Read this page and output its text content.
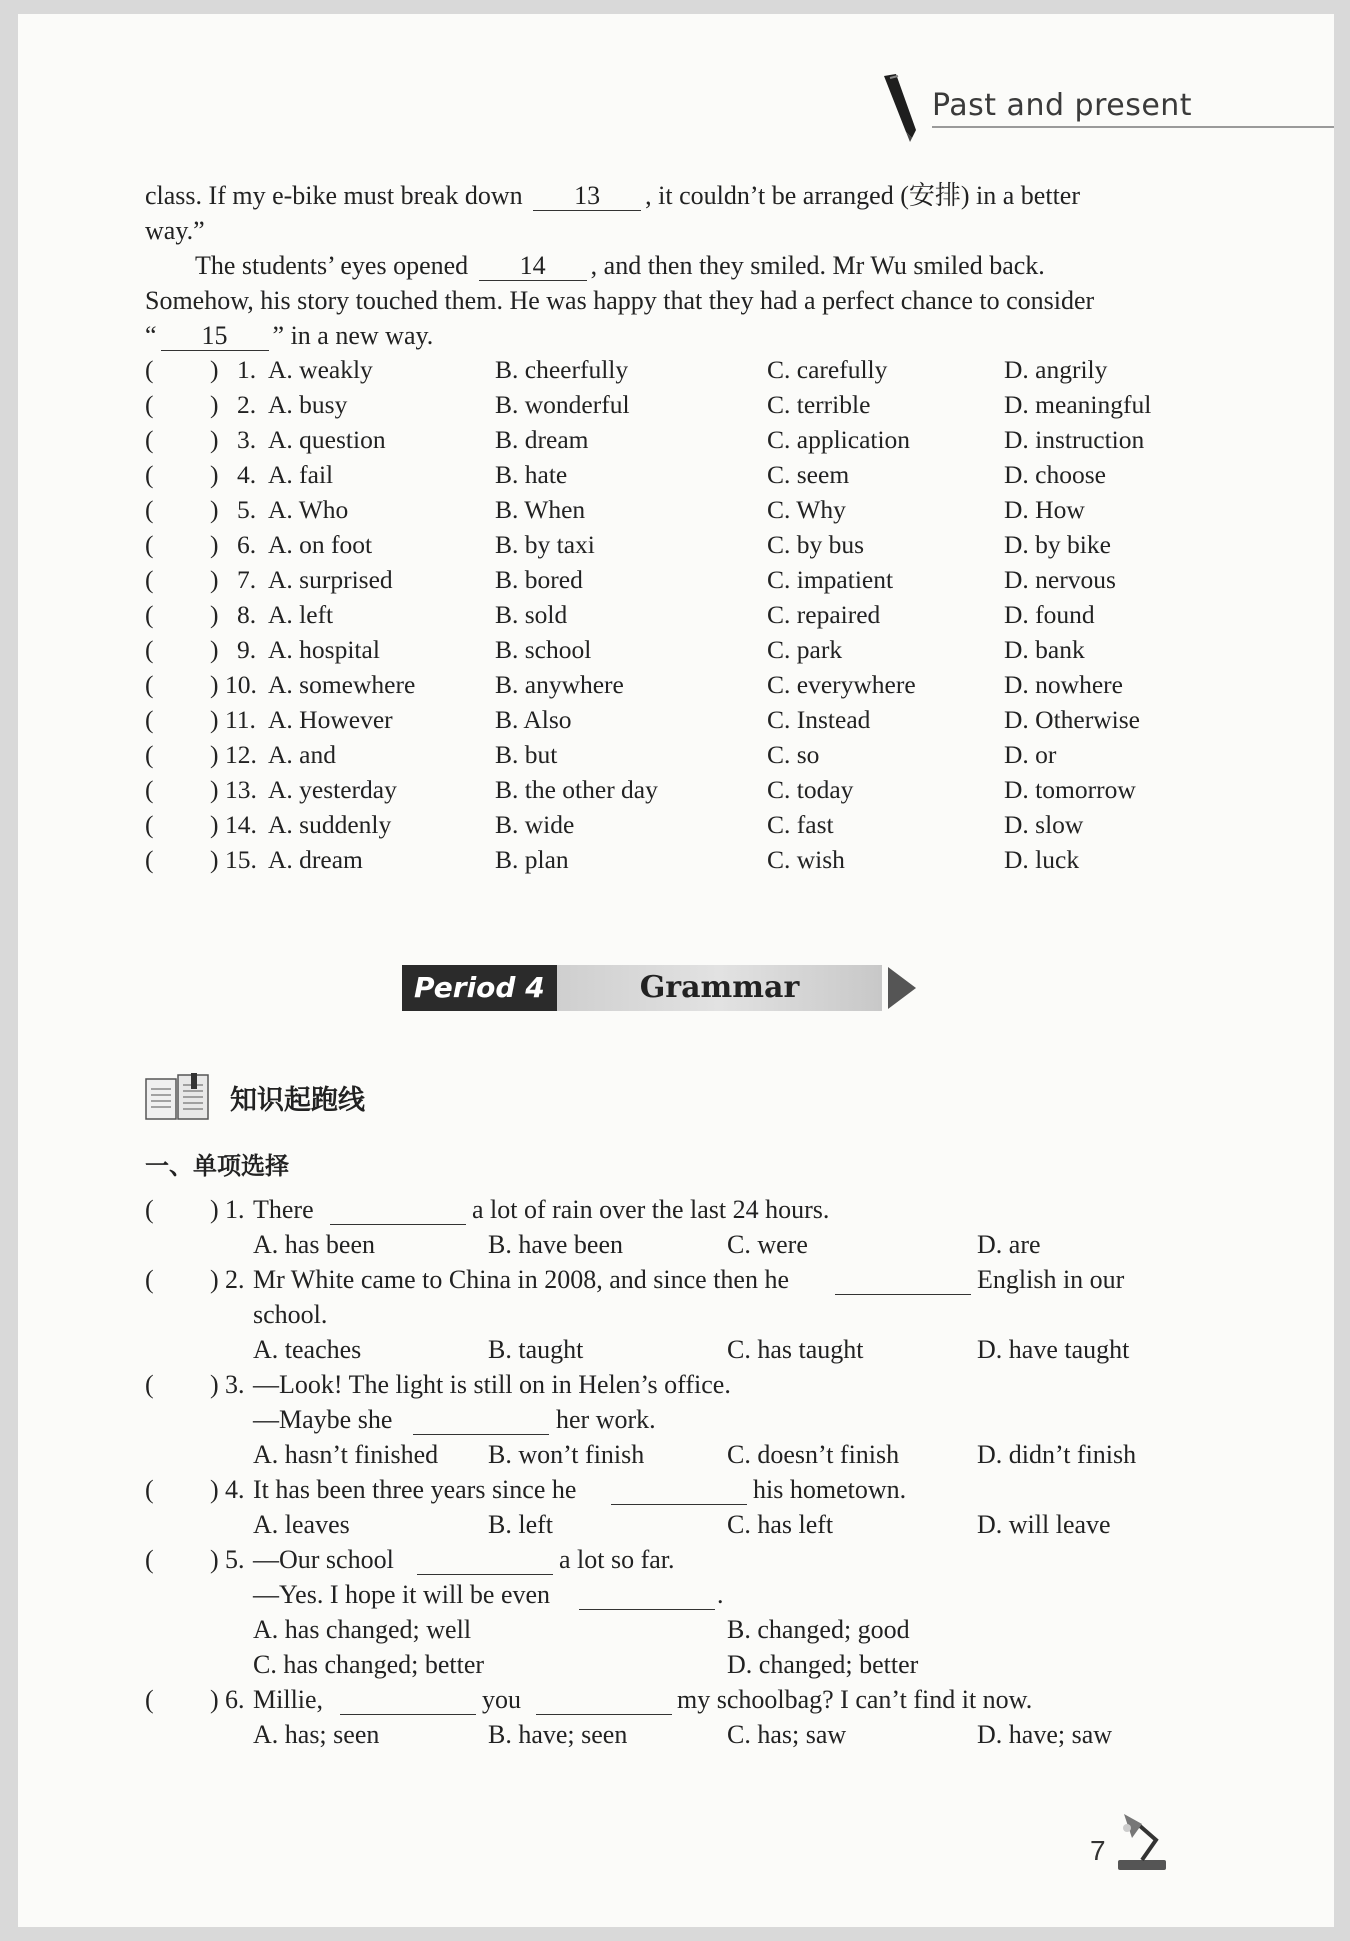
Past and present
class. If my e-bike must break down 13 , it couldn’t be arranged (安排) in a better
way.”
The students’ eyes opened 14 , and then they smiled. Mr Wu smiled back.
Somehow, his story touched them. He was happy that they had a perfect chance to consider
“ 15 ” in a new way.
( ) 1. A. weakly	B. cheerfully	C. carefully	D. angrily
( ) 2. A. busy	B. wonderful	C. terrible	D. meaningful
( ) 3. A. question	B. dream	C. application	D. instruction
( ) 4. A. fail	B. hate	C. seem	D. choose
( ) 5. A. Who	B. When	C. Why	D. How
( ) 6. A. on foot	B. by taxi	C. by bus	D. by bike
( ) 7. A. surprised	B. bored	C. impatient	D. nervous
( ) 8. A. left	B. sold	C. repaired	D. found
( ) 9. A. hospital	B. school	C. park	D. bank
( ) 10. A. somewhere	B. anywhere	C. everywhere	D. nowhere
( ) 11. A. However	B. Also	C. Instead	D. Otherwise
( ) 12. A. and	B. but	C. so	D. or
( ) 13. A. yesterday	B. the other day	C. today	D. tomorrow
( ) 14. A. suddenly	B. wide	C. fast	D. slow
( ) 15. A. dream	B. plan	C. wish	D. luck
Period 4	Grammar
知识起跑线
一、单项选择
( ) 1. There
	a lot of rain over the last 24 hours.
A. has been	B. have been	C. were	D. are
( ) 2. Mr White came to China in 2008, and since then he
	English in our
school.
A. teaches	B. taught	C. has taught	D. have taught
( ) 3. —Look! The light is still on in Helen’s office.
—Maybe she
	her work.
A. hasn’t finished B. won’t finish	C. doesn’t finish	D. didn’t finish
( ) 4. It has been three years since he
	his hometown.
A. leaves	B. left	C. has left	D. will leave
( ) 5. —Our school
	a lot so far.
—Yes. I hope it will be even
	.
A. has changed; well	B. changed; good
C. has changed; better	D. changed; better
( ) 6. Millie,
	you
	my schoolbag? I can’t find it now.
A. has; seen	B. have; seen	C. has; saw	D. have; saw
7
